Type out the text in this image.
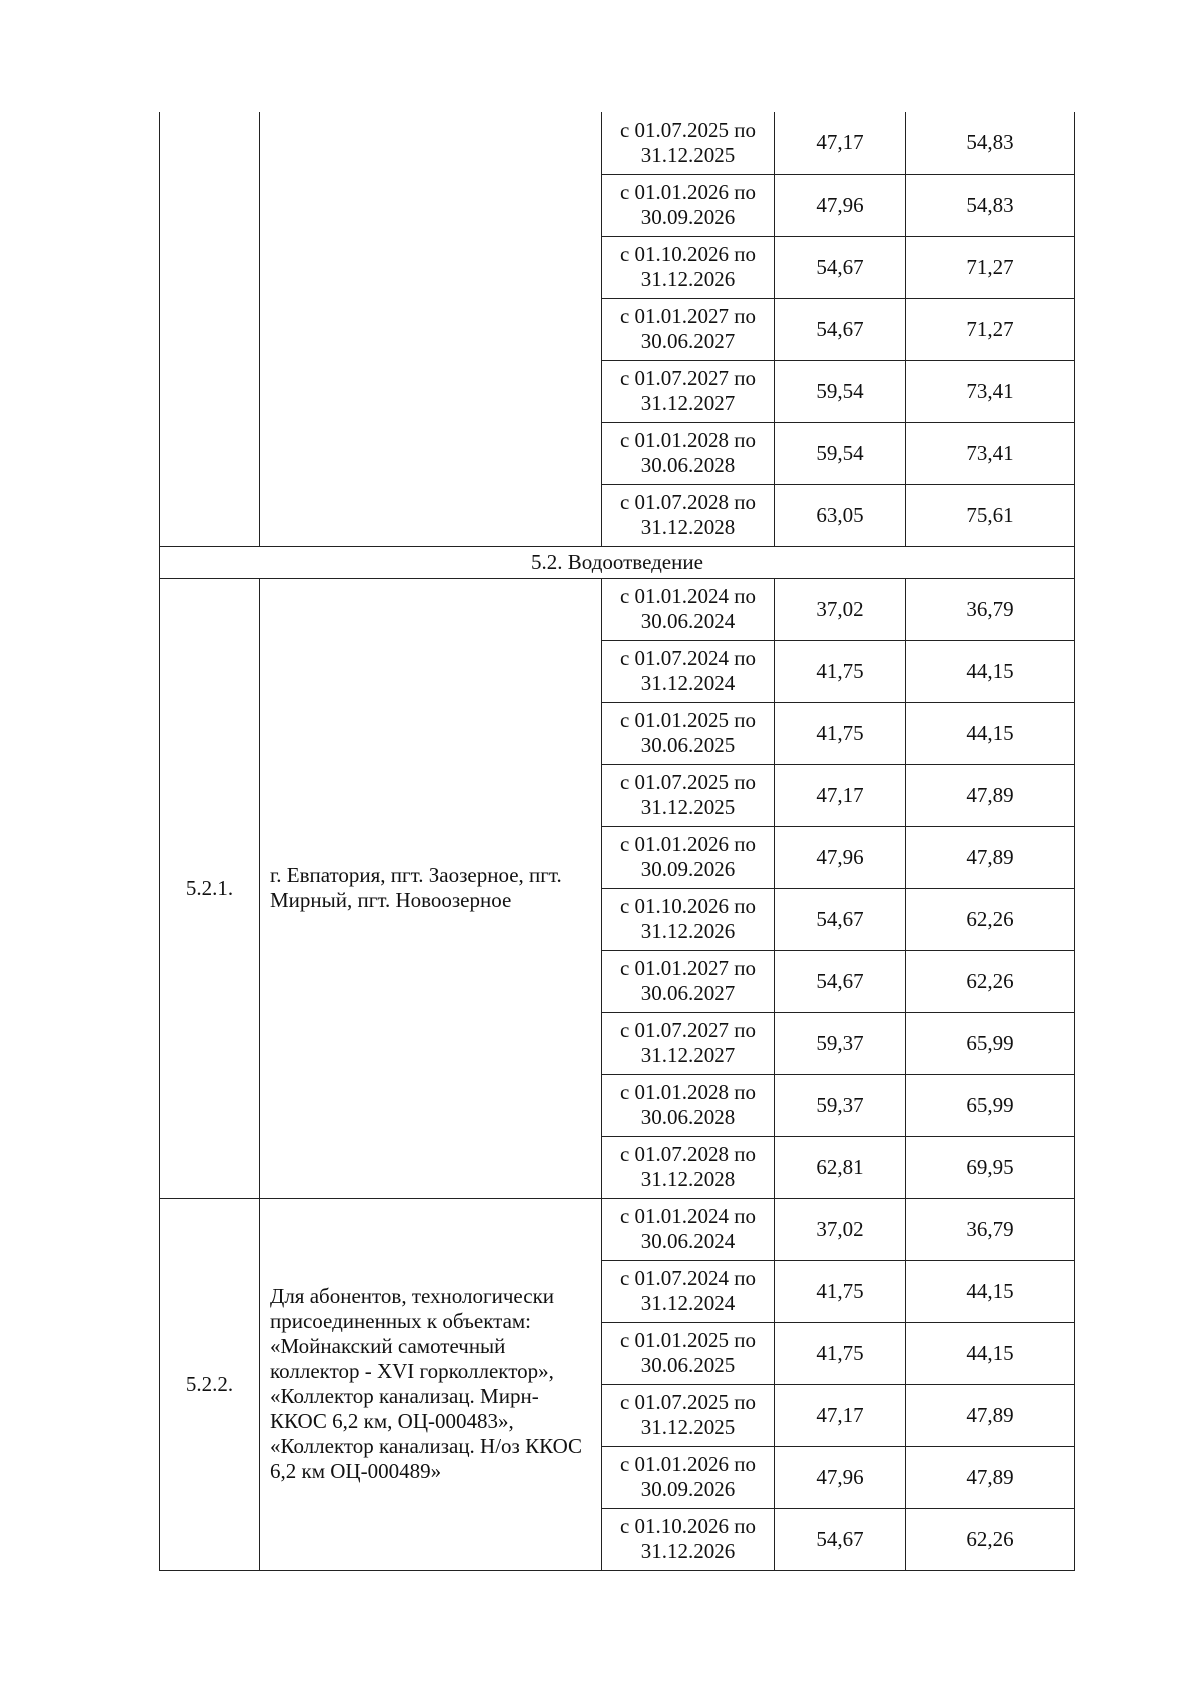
		с 01.07.2025 по
31.12.2025	47,17	54,83

		с 01.01.2026 по
30.09.2026	47,96	54,83

		с 01.10.2026 по
31.12.2026	54,67	71,27

		с 01.01.2027 по
30.06.2027	54,67	71,27

		с 01.07.2027 по
31.12.2027	59,54	73,41

		с 01.01.2028 по
30.06.2028	59,54	73,41

		с 01.07.2028 по
31.12.2028	63,05	75,61
5.2. Водоотведение				
5.2.1.	г. Евпатория, пгт. Заозерное, пгт. Мирный, пгт. Новоозерное	с 01.01.2024 по
30.06.2024	37,02	36,79

		с 01.07.2024 по
31.12.2024	41,75	44,15

		с 01.01.2025 по
30.06.2025	41,75	44,15

		с 01.07.2025 по
31.12.2025	47,17	47,89

		с 01.01.2026 по
30.09.2026	47,96	47,89

		с 01.10.2026 по
31.12.2026	54,67	62,26

		с 01.01.2027 по
30.06.2027	54,67	62,26

		с 01.07.2027 по
31.12.2027	59,37	65,99

		с 01.01.2028 по
30.06.2028	59,37	65,99

		с 01.07.2028 по
31.12.2028	62,81	69,95
5.2.2.	Для абонентов, технологически присоединенных к объектам: «Мойнакский самотечный коллектор - XVI горколлектор», «Коллектор канализац. Мирн-ККОС 6,2 км, ОЦ-000483», «Коллектор канализац. Н/оз ККОС 6,2 км ОЦ-000489»	с 01.01.2024 по
30.06.2024	37,02	36,79

		с 01.07.2024 по
31.12.2024	41,75	44,15

		с 01.01.2025 по
30.06.2025	41,75	44,15

		с 01.07.2025 по
31.12.2025	47,17	47,89

		с 01.01.2026 по
30.09.2026	47,96	47,89

		с 01.10.2026 по
31.12.2026	54,67	62,26
